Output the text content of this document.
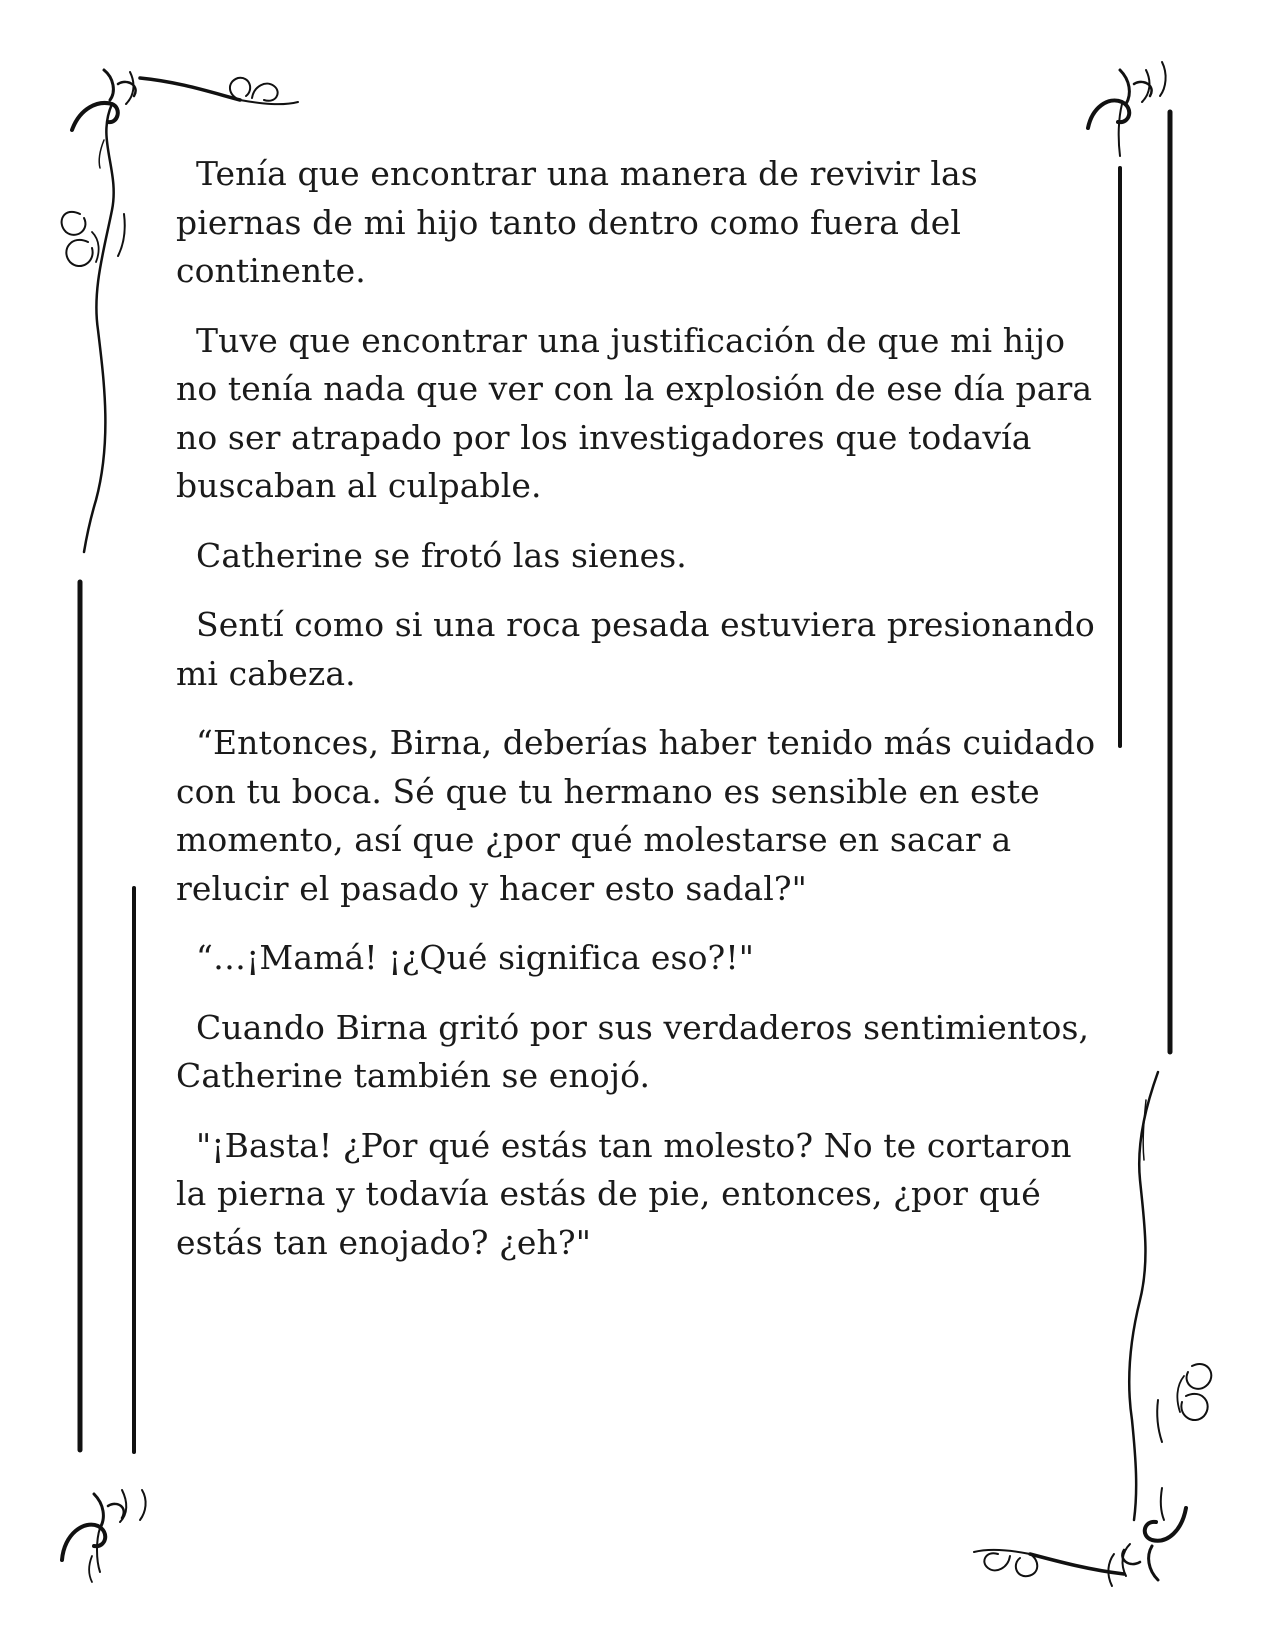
Tenía que encontrar una manera de revivir las piernas de mi hijo tanto dentro como fuera del continente.

Tuve que encontrar una justificación de que mi hijo no tenía nada que ver con la explosión de ese día para no ser atrapado por los investigadores que todavía buscaban al culpable.

Catherine se frotó las sienes.

Sentí como si una roca pesada estuviera presionando mi cabeza.

“Entonces, Birna, deberías haber tenido más cuidado con tu boca. Sé que tu hermano es sensible en este momento, así que ¿por qué molestarse en sacar a relucir el pasado y hacer esto sadal?"

“…¡Mamá! ¡¿Qué significa eso?!"

Cuando Birna gritó por sus verdaderos sentimientos, Catherine también se enojó.

"¡Basta! ¿Por qué estás tan molesto? No te cortaron la pierna y todavía estás de pie, entonces, ¿por qué estás tan enojado? ¿eh?"
